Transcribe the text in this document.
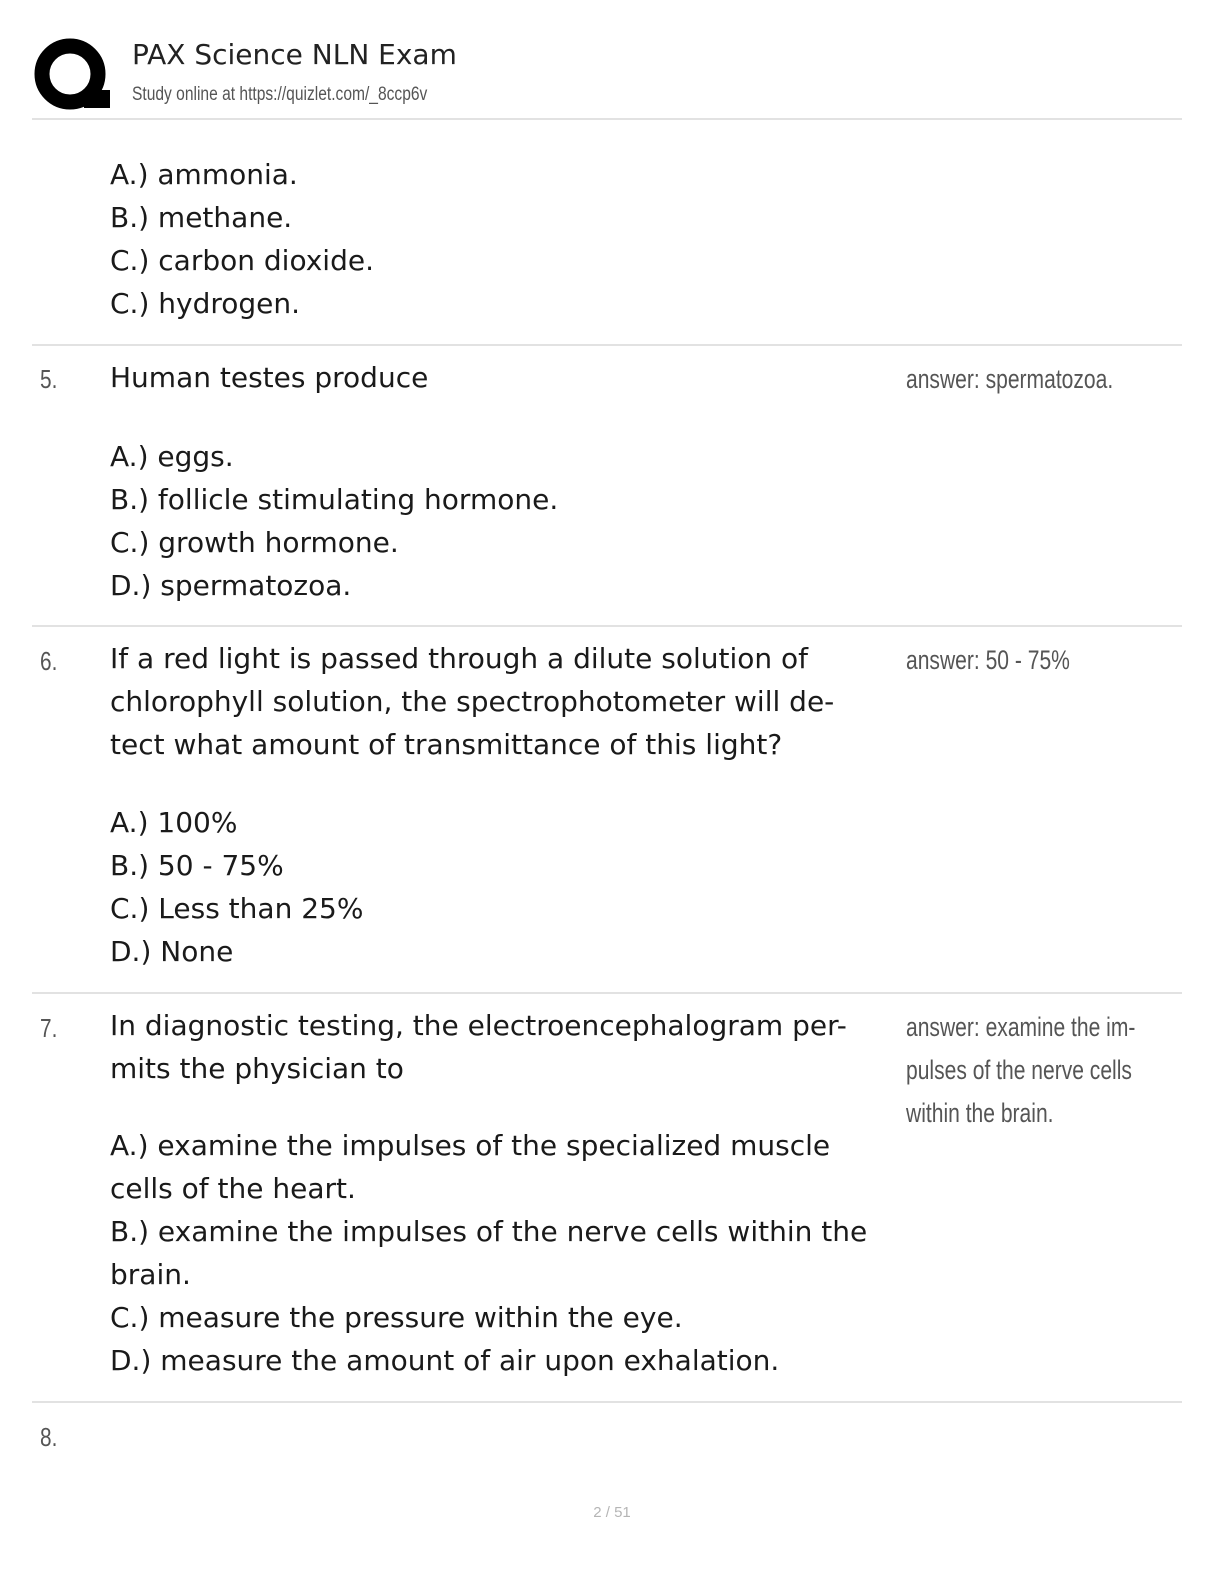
PAX Science NLN Exam
Study online at https://quizlet.com/_8ccp6v
A.) ammonia.
B.) methane.
C.) carbon dioxide.
C.) hydrogen.
5. Human testes produce	answer: spermatozoa.
A.) eggs.
B.) follicle stimulating hormone.
C.) growth hormone.
D.) spermatozoa.
6. If a red light is passed through a dilute solution of
chlorophyll solution, the spectrophotometer will de-
tect what amount of transmittance of this light?
answer: 50 - 75%
A.) 100%
B.) 50 - 75%
C.) Less than 25%
D.) None
7. In diagnostic testing, the electroencephalogram per-
mits the physician to
answer: examine the im-
pulses of the nerve cells
within the brain.
A.) examine the impulses of the specialized muscle
cells of the heart.
B.) examine the impulses of the nerve cells within the
brain.
C.) measure the pressure within the eye.
D.) measure the amount of air upon exhalation.
8.
2 / 51
